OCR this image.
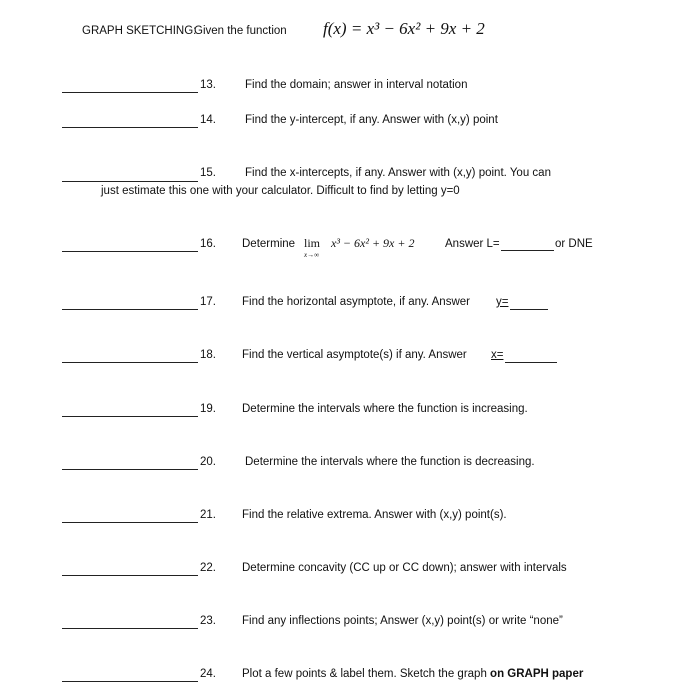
GRAPH SKETCHING:
Given the function f(x) = x³ − 6x² + 9x + 2
13.	Find the domain; answer in interval notation
14.	Find the y-intercept, if any. Answer with (x,y) point
15.	Find the x-intercepts, if any. Answer with (x,y) point. You can
just estimate this one with your calculator. Difficult to find by letting y=0
16. Determine lim
x→∞
x³ − 6x² + 9x + 2	Answer L=	or DNE
17. Find the horizontal asymptote, if any. Answer y=
18. Find the vertical asymptote(s) if any. Answer x=
19. Determine the intervals where the function is increasing.
20.	Determine the intervals where the function is decreasing.
21. Find the relative extrema. Answer with (x,y) point(s).
22. Determine concavity (CC up or CC down); answer with intervals
23. Find any inflections points; Answer (x,y) point(s) or write “none”
24. Plot a few points & label them. Sketch the graph on GRAPH paper
